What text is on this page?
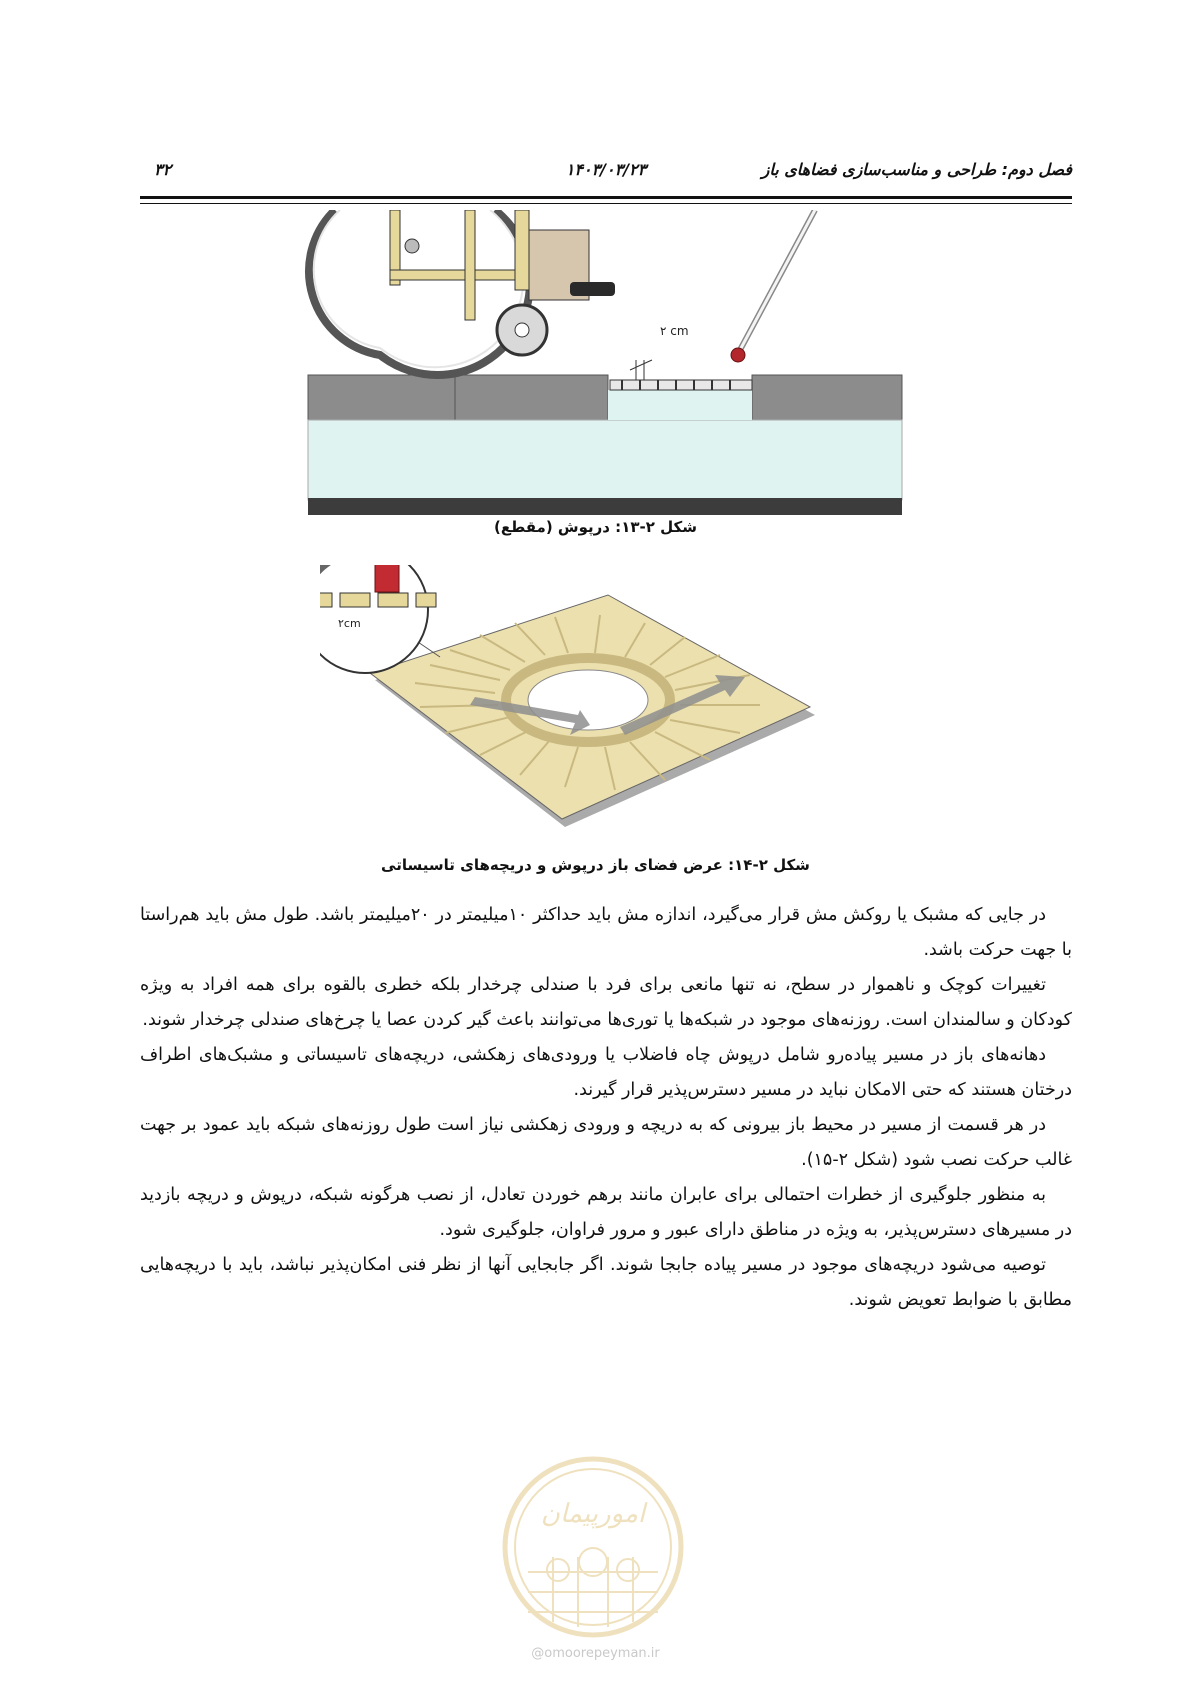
فصل دوم: طراحی و مناسب‌سازی فضاهای باز
۱۴۰۳/۰۳/۲۳
۳۲
۲ cm
شکل ۲-۱۳: درپوش (مقطع)
۲cm
شکل ۲-۱۴: عرض فضای باز درپوش و دریچه‌های تاسیساتی

در جایی که مشبک یا روکش مش قرار می‌گیرد، اندازه مش باید حداکثر ۱۰میلیمتر در ۲۰میلیمتر باشد. طول مش باید هم‌راستا با جهت حرکت باشد.

تغییرات کوچک و ناهموار در سطح، نه تنها مانعی برای فرد با صندلی چرخدار بلکه خطری بالقوه برای همه افراد به ویژه کودکان و سالمندان است. روزنه‌های موجود در شبکه‌ها یا توری‌ها می‌توانند باعث گیر کردن عصا یا چرخ‌های صندلی چرخدار شوند.

دهانه‌های باز در مسیر پیاده‌رو شامل درپوش چاه فاضلاب یا ورودی‌های زهکشی، دریچه‌های تاسیساتی و مشبک‌های اطراف درختان هستند که حتی الامکان نباید در مسیر دسترس‌پذیر قرار گیرند.

در هر قسمت از مسیر در محیط باز بیرونی که به دریچه و ورودی زهکشی نیاز است طول روزنه‌های شبکه باید عمود بر جهت غالب حرکت نصب شود (شکل ۲-۱۵).

به منظور جلوگیری از خطرات احتمالی برای عابران مانند برهم خوردن تعادل، از نصب هرگونه شبکه، درپوش و دریچه بازدید در مسیرهای دسترس‌پذیر، به ویژه در مناطق دارای عبور و مرور فراوان، جلوگیری شود.

توصیه می‌شود دریچه‌های موجود در مسیر پیاده جابجا شوند. اگر جابجایی آنها از نظر فنی امکان‌پذیر نباشد، باید با دریچه‌هایی مطابق با ضوابط تعویض شوند.

امورپیمان
@omoorepeyman.ir
